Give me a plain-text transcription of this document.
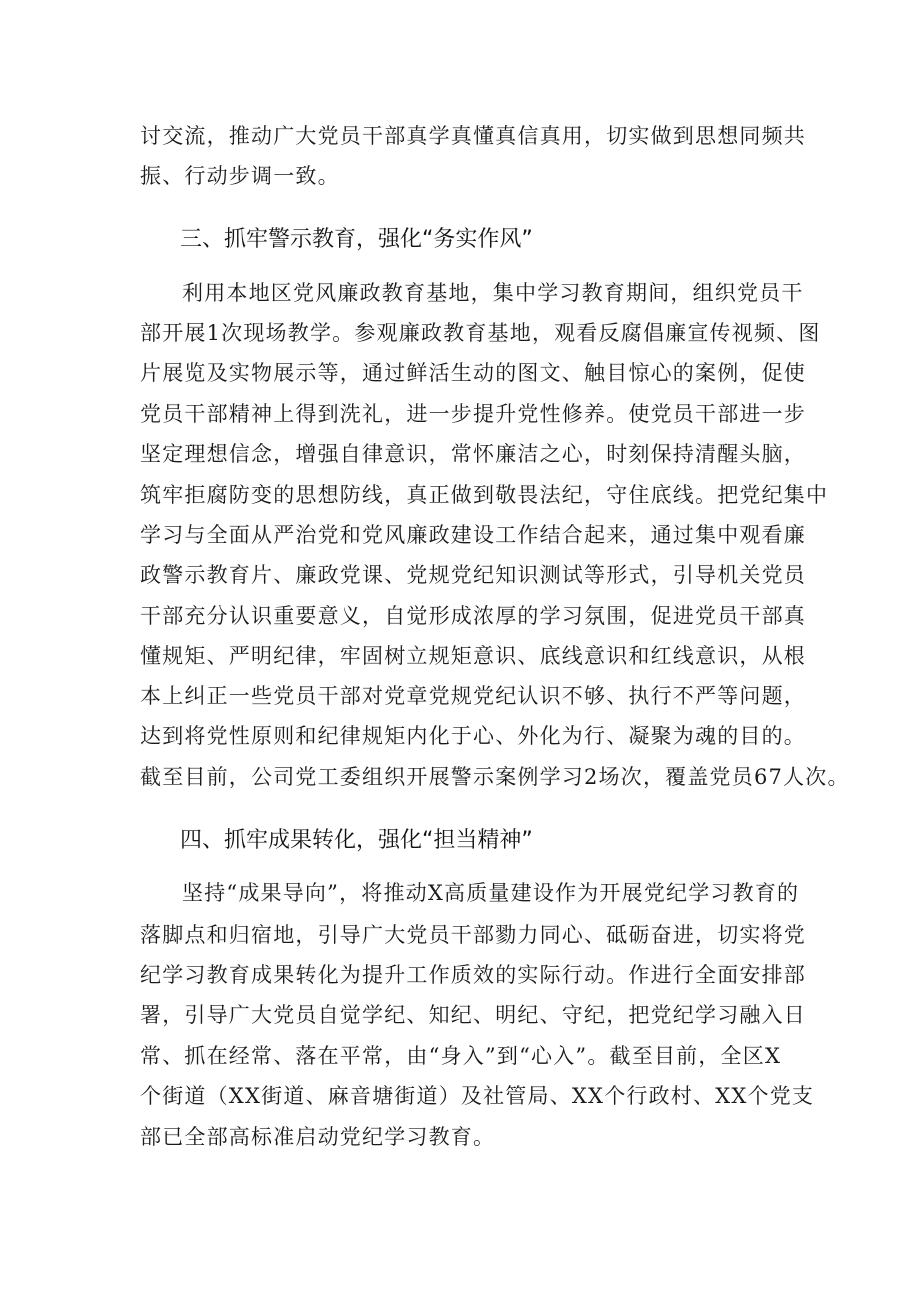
讨交流，推动广大党员干部真学真懂真信真用，切实做到思想同频共
振、行动步调一致。
三、抓牢警示教育，强化“务实作风”
利用本地区党风廉政教育基地，集中学习教育期间，组织党员干
部开展1次现场教学。参观廉政教育基地，观看反腐倡廉宣传视频、图
片展览及实物展示等，通过鲜活生动的图文、触目惊心的案例，促使
党员干部精神上得到洗礼，进一步提升党性修养。使党员干部进一步
坚定理想信念，增强自律意识，常怀廉洁之心，时刻保持清醒头脑，
筑牢拒腐防变的思想防线，真正做到敬畏法纪，守住底线。把党纪集中
学习与全面从严治党和党风廉政建设工作结合起来，通过集中观看廉
政警示教育片、廉政党课、党规党纪知识测试等形式，引导机关党员
干部充分认识重要意义，自觉形成浓厚的学习氛围，促进党员干部真
懂规矩、严明纪律，牢固树立规矩意识、底线意识和红线意识，从根
本上纠正一些党员干部对党章党规党纪认识不够、执行不严等问题，
达到将党性原则和纪律规矩内化于心、外化为行、凝聚为魂的目的。
截至目前，公司党工委组织开展警示案例学习2场次，覆盖党员67人次。
四、抓牢成果转化，强化“担当精神”
坚持“成果导向”，将推动X高质量建设作为开展党纪学习教育的
落脚点和归宿地，引导广大党员干部勠力同心、砥砺奋进，切实将党
纪学习教育成果转化为提升工作质效的实际行动。作进行全面安排部
署，引导广大党员自觉学纪、知纪、明纪、守纪，把党纪学习融入日
常、抓在经常、落在平常，由“身入”到“心入”。截至目前，全区X
个街道（XX街道、麻音塘街道）及社管局、XX个行政村、XX个党支
部已全部高标准启动党纪学习教育。
